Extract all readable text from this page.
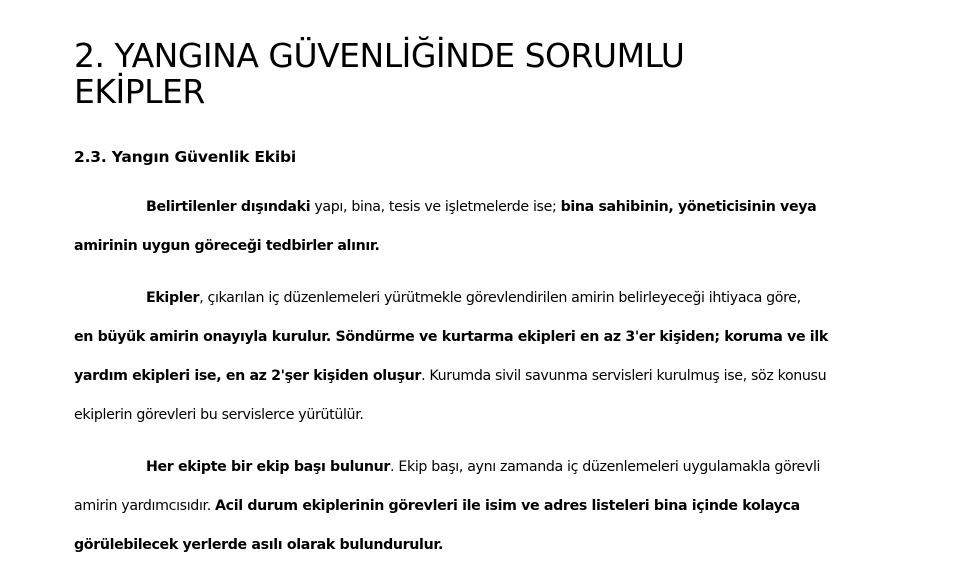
2. YANGINA GÜVENLİĞİNDE SORUMLU
EKİPLER
2.3. Yangın Güvenlik Ekibi
Belirtilenler dışındaki yapı, bina, tesis ve işletmelerde ise; bina sahibinin, yöneticisinin veya
amirinin uygun göreceği tedbirler alınır.
Ekipler, çıkarılan iç düzenlemeleri yürütmekle görevlendirilen amirin belirleyeceği ihtiyaca göre,
en büyük amirin onayıyla kurulur. Söndürme ve kurtarma ekipleri en az 3'er kişiden; koruma ve ilk
yardım ekipleri ise, en az 2'şer kişiden oluşur. Kurumda sivil savunma servisleri kurulmuş ise, söz konusu
ekiplerin görevleri bu servislerce yürütülür.
Her ekipte bir ekip başı bulunur. Ekip başı, aynı zamanda iç düzenlemeleri uygulamakla görevli
amirin yardımcısıdır. Acil durum ekiplerinin görevleri ile isim ve adres listeleri bina içinde kolayca
görülebilecek yerlerde asılı olarak bulundurulur.
